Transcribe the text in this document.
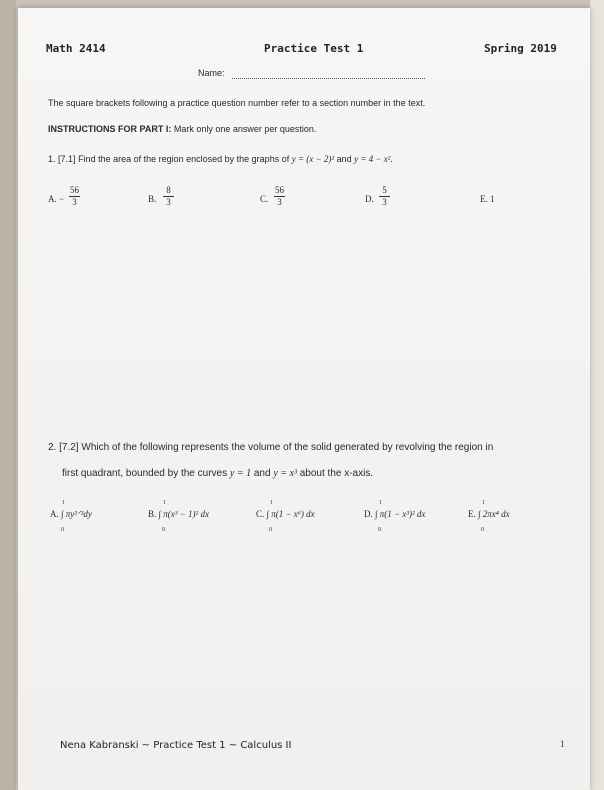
Math 2414	Practice Test 1	Spring 2019
Name:
The square brackets following a practice question number refer to a section number in the text.
INSTRUCTIONS FOR PART I: Mark only one answer per question.
1. [7.1] Find the area of the region enclosed by the graphs of y = (x − 2)² and y = 4 − x².
A. −
56
3	B.
8
3	C.
56
3	D.
5
3	E. 1
2. [7.2] Which of the following represents the volume of the solid generated by revolving the region in
first quadrant, bounded by the curves y = 1 and y = x³ about the x-axis.
A. ∫ πy²ᐟ³dy
1
0
B. ∫ π(x³ − 1)² dx
1
0
C. ∫ π(1 − x⁶) dx
1
0
D. ∫ π(1 − x³)² dx
1
0
E. ∫ 2πx⁴ dx
1
0
Nena Kabranski ~ Practice Test 1 ~ Calculus II	1
